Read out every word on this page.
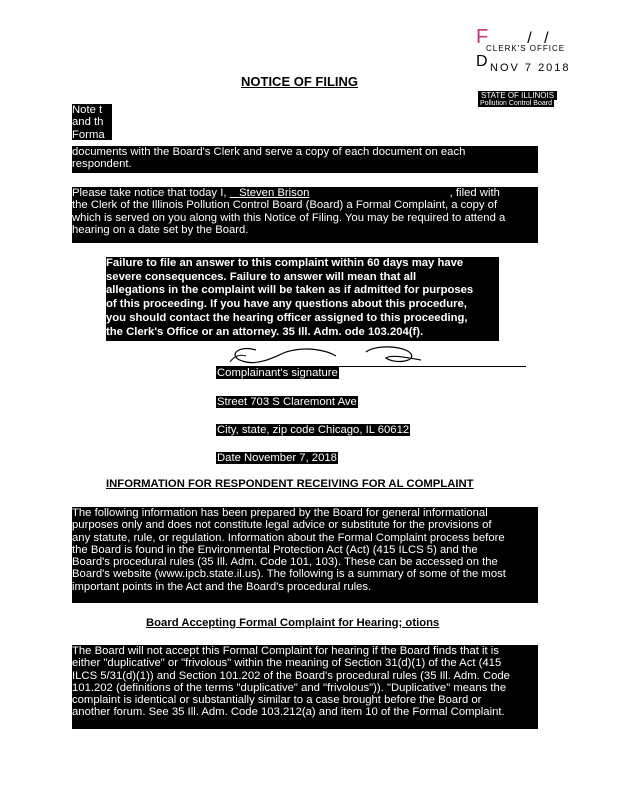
F / / D
CLERK'S OFFICE
NOV 7 2018
STATE OF ILLINOIS
Pollution Control Board
NOTICE OF FILING
Note t
and th
Forma
documents with the Board's Clerk and serve a copy of each document on each
respondent.
Please take notice that today I, Steven Brison	, filed with
the Clerk of the Illinois Pollution Control Board (Board) a Formal Complaint, a copy of
which is served on you along with this Notice of Filing. You may be required to attend a
hearing on a date set by the Board.
Failure to file an answer to this complaint within 60 days may have
severe consequences. Failure to answer will mean that all
allegations in the complaint will be taken as if admitted for purposes
of this proceeding. If you have any questions about this procedure,
you should contact the hearing officer assigned to this proceeding,
the Clerk's Office or an attorney. 35 Ill. Adm. ode 103.204(f).
Complainant's signature
Street 703 S Claremont Ave
City, state, zip code Chicago, IL 60612
Date November 7, 2018
INFORMATION FOR RESPONDENT RECEIVING FOR AL COMPLAINT
The following information has been prepared by the Board for general informational
purposes only and does not constitute legal advice or substitute for the provisions of
any statute, rule, or regulation. Information about the Formal Complaint process before
the Board is found in the Environmental Protection Act (Act) (415 ILCS 5) and the
Board's procedural rules (35 Ill. Adm. Code 101, 103). These can be accessed on the
Board's website (www.ipcb.state.il.us). The following is a summary of some of the most
important points in the Act and the Board's procedural rules.
Board Accepting Formal Complaint for Hearing; otions
The Board will not accept this Formal Complaint for hearing if the Board finds that it is
either "duplicative" or "frivolous" within the meaning of Section 31(d)(1) of the Act (415
ILCS 5/31(d)(1)) and Section 101.202 of the Board's procedural rules (35 Ill. Adm. Code
101.202 (definitions of the terms "duplicative" and "frivolous")). "Duplicative" means the
complaint is identical or substantially similar to a case brought before the Board or
another forum. See 35 Ill. Adm. Code 103.212(a) and item 10 of the Formal Complaint.
